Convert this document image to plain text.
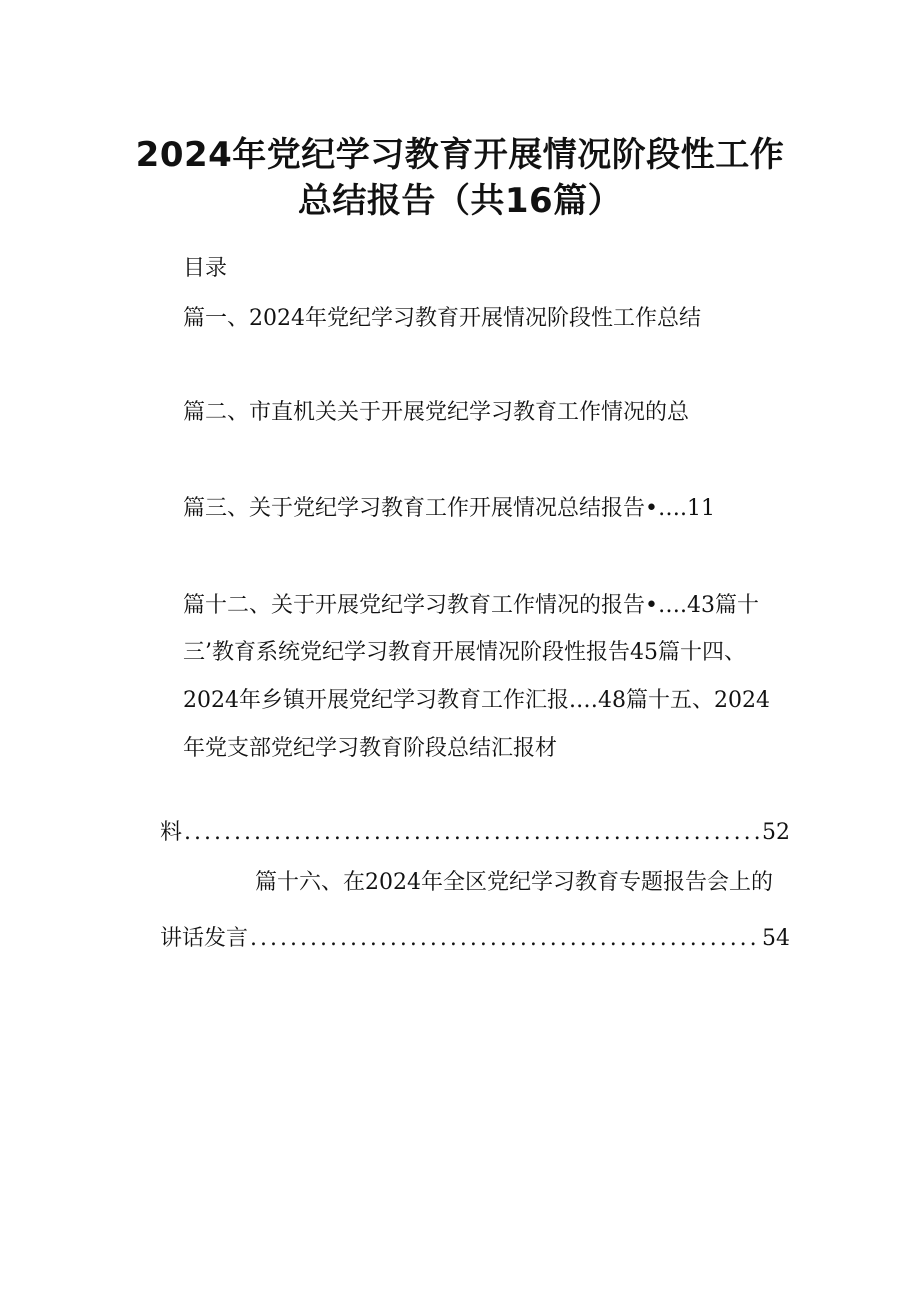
2024年党纪学习教育开展情况阶段性工作
总结报告（共16篇）
目录
篇一、2024年党纪学习教育开展情况阶段性工作总结
篇二、市直机关关于开展党纪学习教育工作情况的总
篇三、关于党纪学习教育工作开展情况总结报告•….11
篇十二、关于开展党纪学习教育工作情况的报告•….43篇十
三’教育系统党纪学习教育开展情况阶段性报告45篇十四、
2024年乡镇开展党纪学习教育工作汇报.…48篇十五、2024
年党支部党纪学习教育阶段总结汇报材
料 .....	52
篇十六、在2024年全区党纪学习教育专题报告会上的
讲话发言 .....	54
